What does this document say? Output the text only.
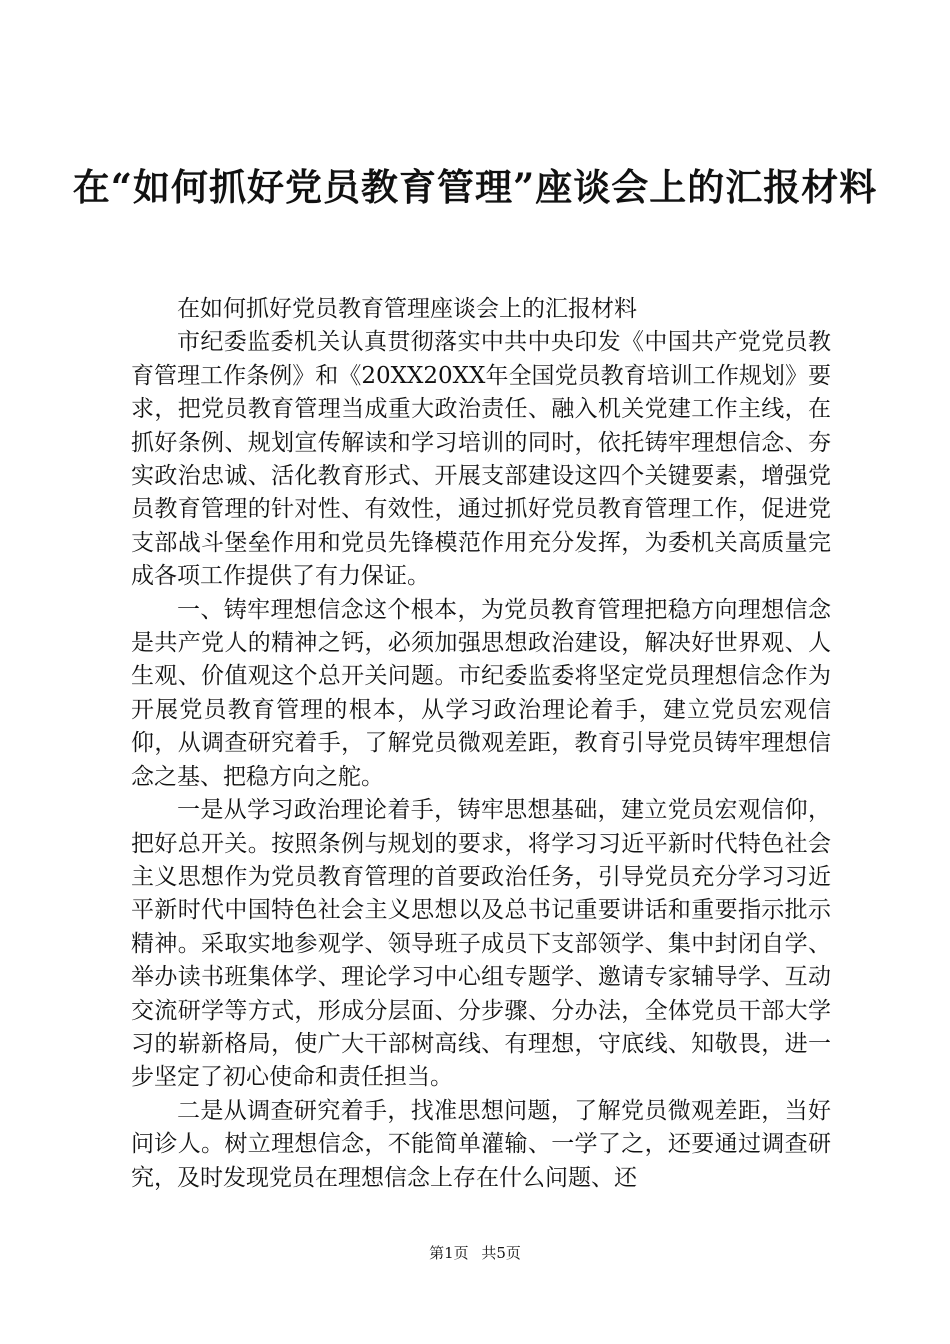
在“如何抓好党员教育管理”座谈会上的汇报材料

在如何抓好党员教育管理座谈会上的汇报材料

市纪委监委机关认真贯彻落实中共中央印发《中国共产党党员教育管理工作条例》和《20XX20XX年全国党员教育培训工作规划》要求，把党员教育管理当成重大政治责任、融入机关党建工作主线，在抓好条例、规划宣传解读和学习培训的同时，依托铸牢理想信念、夯实政治忠诚、活化教育形式、开展支部建设这四个关键要素，增强党员教育管理的针对性、有效性，通过抓好党员教育管理工作，促进党支部战斗堡垒作用和党员先锋模范作用充分发挥，为委机关高质量完成各项工作提供了有力保证。

一、铸牢理想信念这个根本，为党员教育管理把稳方向理想信念是共产党人的精神之钙，必须加强思想政治建设，解决好世界观、人生观、价值观这个总开关问题。市纪委监委将坚定党员理想信念作为开展党员教育管理的根本，从学习政治理论着手，建立党员宏观信仰，从调查研究着手，了解党员微观差距，教育引导党员铸牢理想信念之基、把稳方向之舵。

一是从学习政治理论着手，铸牢思想基础，建立党员宏观信仰，把好总开关。按照条例与规划的要求，将学习习近平新时代特色社会主义思想作为党员教育管理的首要政治任务，引导党员充分学习习近平新时代中国特色社会主义思想以及总书记重要讲话和重要指示批示精神。采取实地参观学、领导班子成员下支部领学、集中封闭自学、举办读书班集体学、理论学习中心组专题学、邀请专家辅导学、互动交流研学等方式，形成分层面、分步骤、分办法，全体党员干部大学习的崭新格局，使广大干部树高线、有理想，守底线、知敬畏，进一步坚定了初心使命和责任担当。

二是从调查研究着手，找准思想问题，了解党员微观差距，当好问诊人。树立理想信念，不能简单灌输、一学了之，还要通过调查研究，及时发现党员在理想信念上存在什么问题、还

第1页 共5页
